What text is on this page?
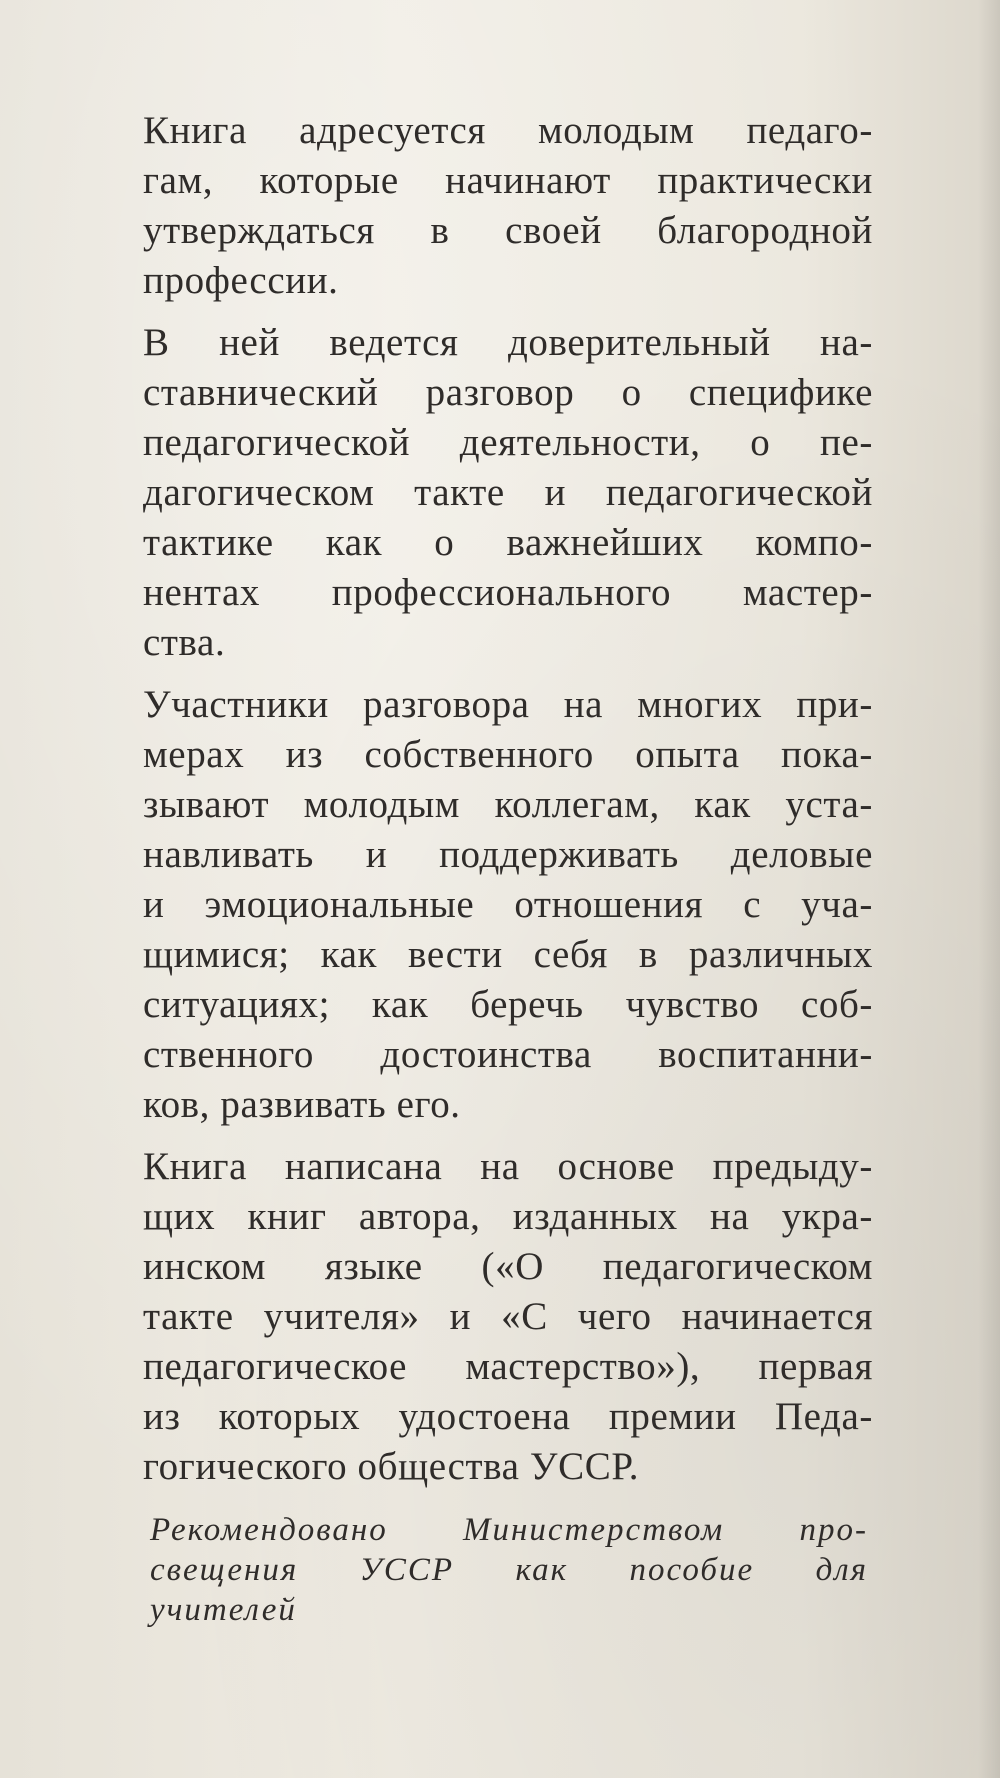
Книга адресуется молодым педаго-
гам, которые начинают практически
утверждаться в своей благородной
профессии.
В ней ведется доверительный на-
ставнический разговор о специфике
педагогической деятельности, о пе-
дагогическом такте и педагогической
тактике как о важнейших компо-
нентах профессионального мастер-
ства.
Участники разговора на многих при-
мерах из собственного опыта пока-
зывают молодым коллегам, как уста-
навливать и поддерживать деловые
и эмоциональные отношения с уча-
щимися; как вести себя в различных
ситуациях; как беречь чувство соб-
ственного достоинства воспитанни-
ков, развивать его.
Книга написана на основе предыду-
щих книг автора, изданных на укра-
инском языке («О педагогическом
такте учителя» и «С чего начинается
педагогическое мастерство»), первая
из которых удостоена премии Педа-
гогического общества УССР.
Рекомендовано Министерством про-
свещения УССР как пособие для
учителей
